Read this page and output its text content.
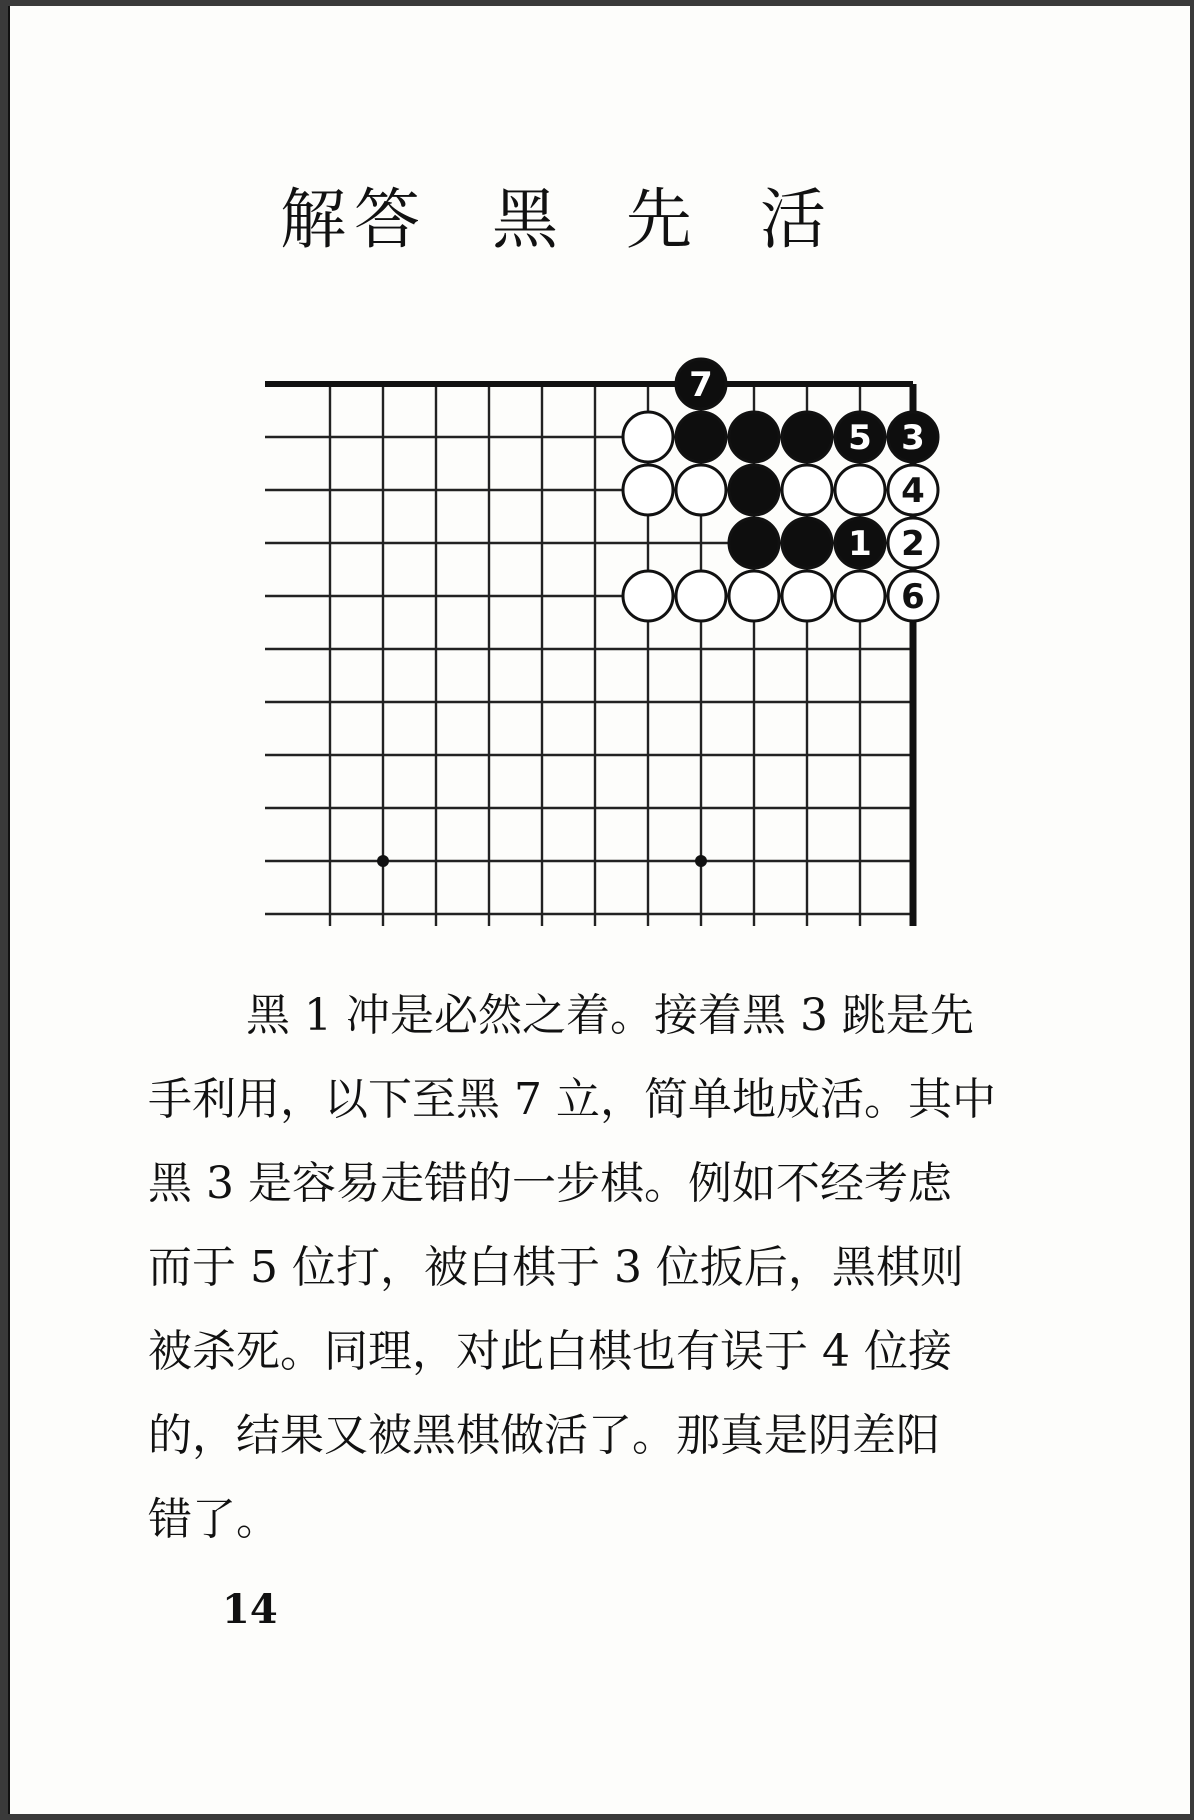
解答 黑 先 活
1 2
3
4
5
6
7

黑 1 冲是必然之着。接着黑 3 跳是先

手利用，以下至黑 7 立，简单地成活。其中

黑 3 是容易走错的一步棋。例如不经考虑

而于 5 位打，被白棋于 3 位扳后，黑棋则

被杀死。同理，对此白棋也有误于 4 位接

的，结果又被黑棋做活了。那真是阴差阳

错了。

14
